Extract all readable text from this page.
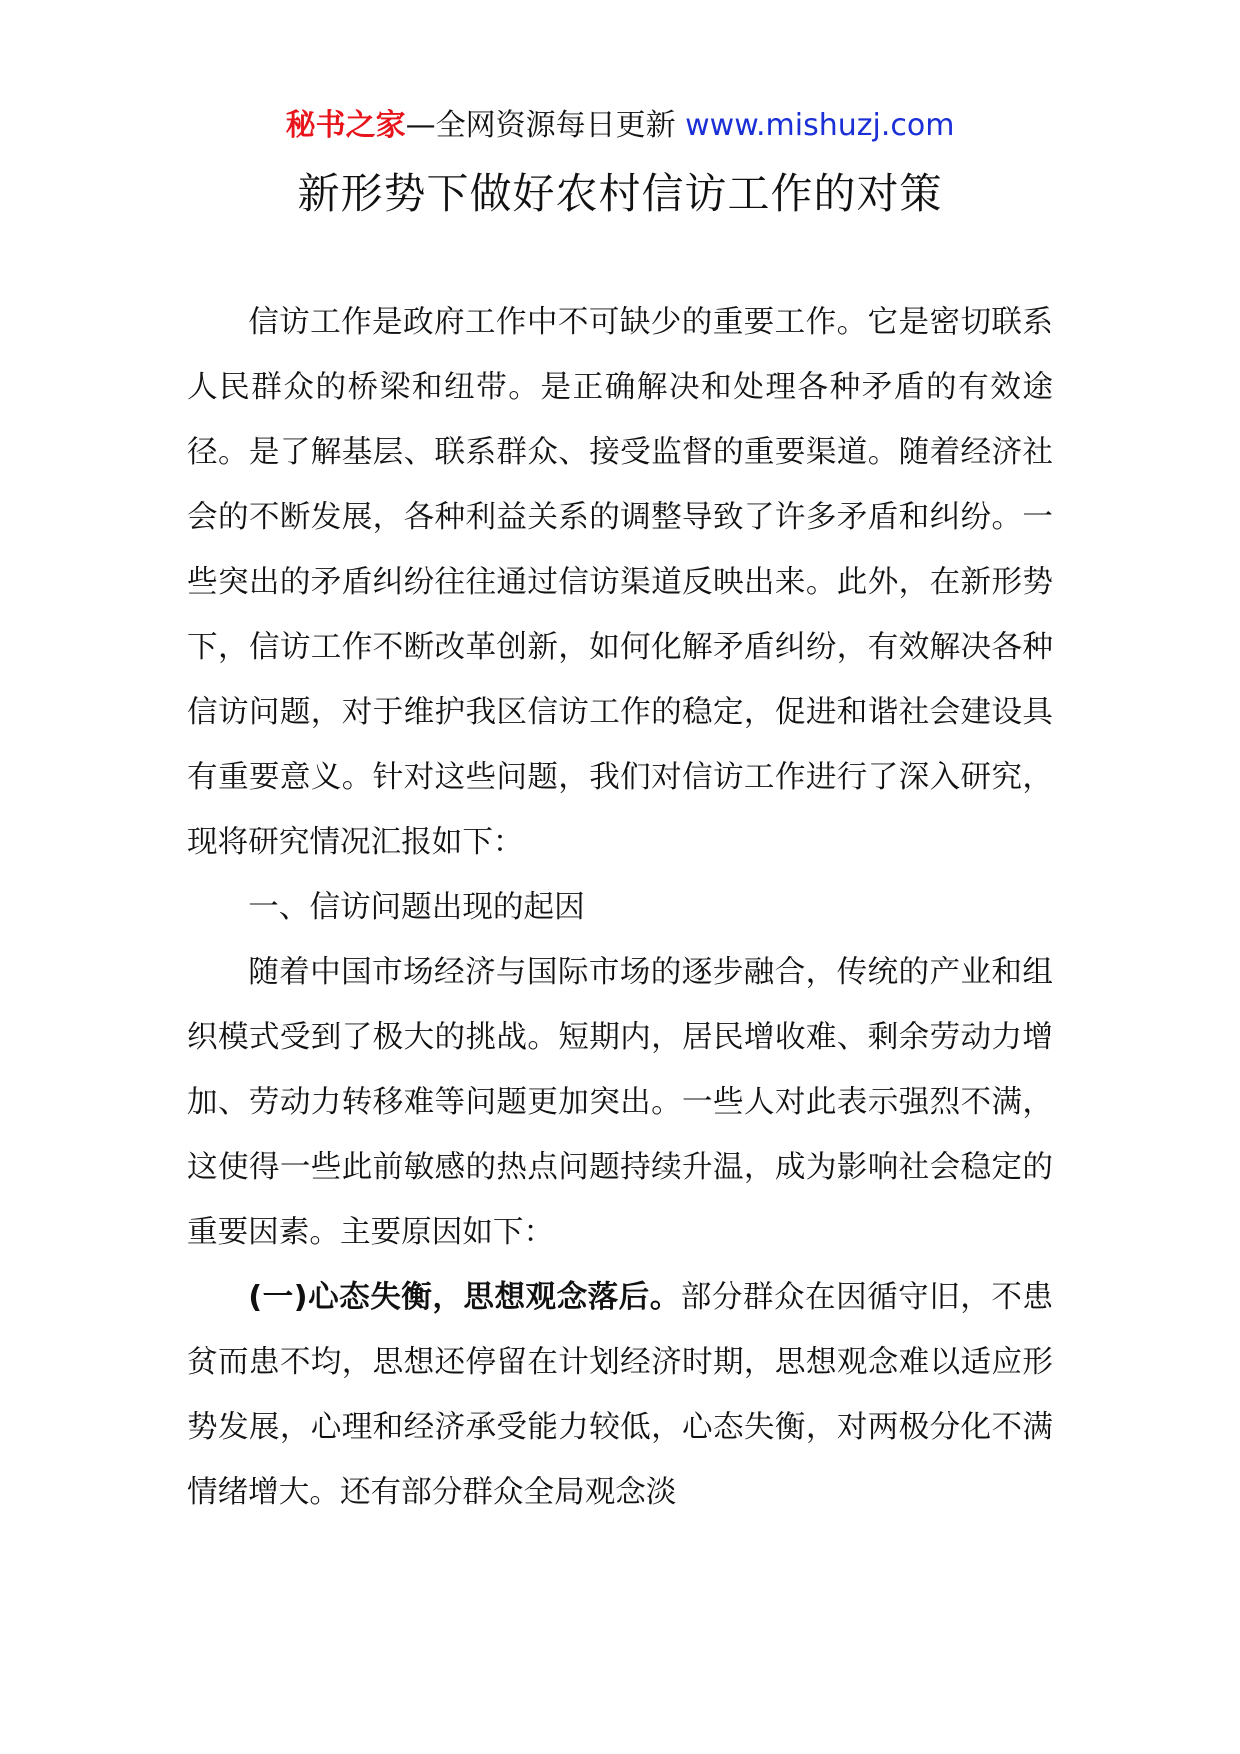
秘书之家—全网资源每日更新 www.mishuzj.com
新形势下做好农村信访工作的对策

信访工作是政府工作中不可缺少的重要工作。它是密切联系人民群众的桥梁和纽带。是正确解决和处理各种矛盾的有效途径。是了解基层、联系群众、接受监督的重要渠道。随着经济社会的不断发展，各种利益关系的调整导致了许多矛盾和纠纷。一些突出的矛盾纠纷往往通过信访渠道反映出来。此外，在新形势下，信访工作不断改革创新，如何化解矛盾纠纷，有效解决各种信访问题，对于维护我区信访工作的稳定，促进和谐社会建设具有重要意义。针对这些问题，我们对信访工作进行了深入研究，现将研究情况汇报如下：

一、信访问题出现的起因

随着中国市场经济与国际市场的逐步融合，传统的产业和组织模式受到了极大的挑战。短期内，居民增收难、剩余劳动力增加、劳动力转移难等问题更加突出。一些人对此表示强烈不满，这使得一些此前敏感的热点问题持续升温，成为影响社会稳定的重要因素。主要原因如下：

(一)心态失衡，思想观念落后。部分群众在因循守旧，不患贫而患不均，思想还停留在计划经济时期，思想观念难以适应形势发展，心理和经济承受能力较低，心态失衡，对两极分化不满情绪增大。还有部分群众全局观念淡
